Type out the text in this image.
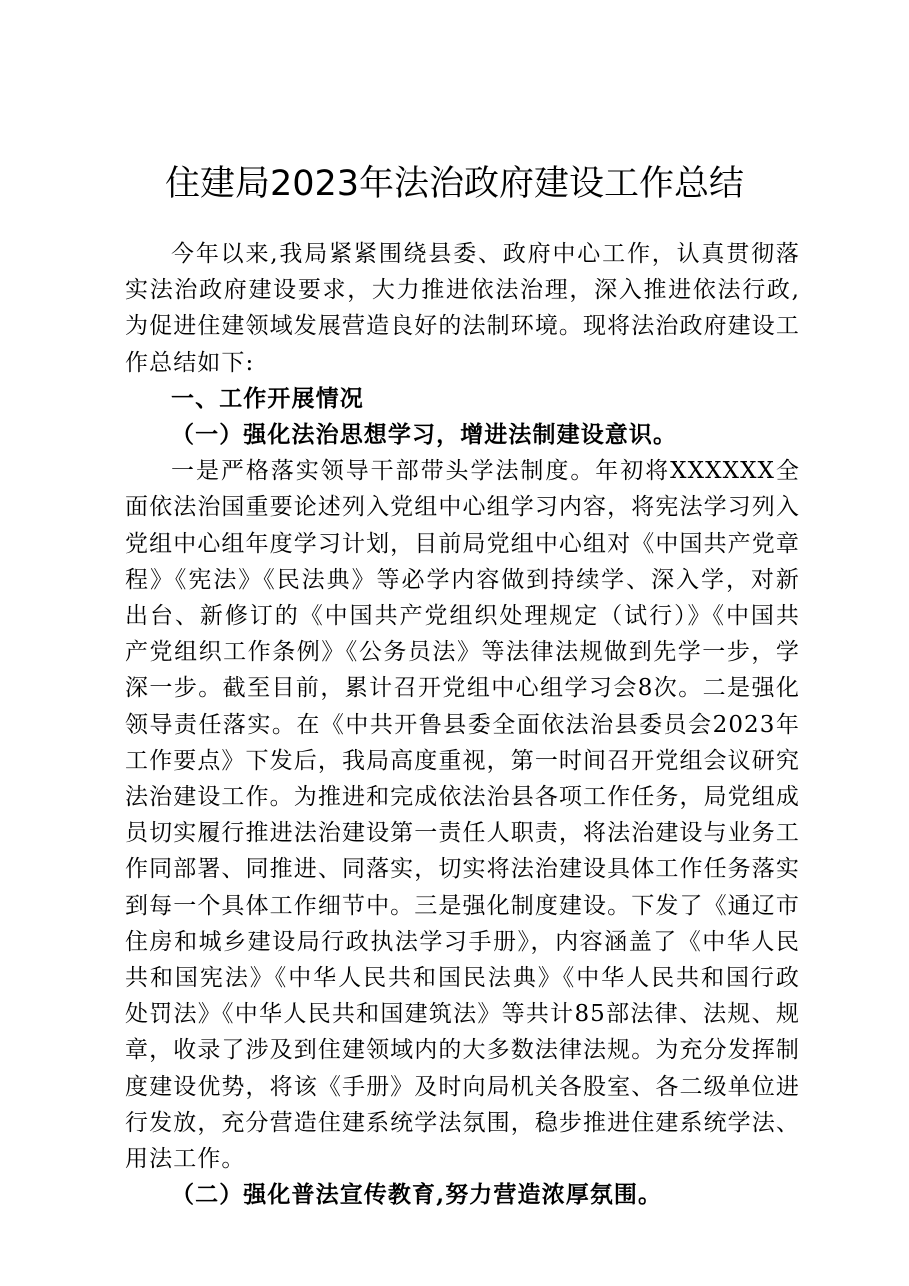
住建局2023年法治政府建设工作总结

今年以来,我局紧紧围绕县委、政府中心工作，认真贯彻落实法治政府建设要求，大力推进依法治理，深入推进依法行政,为促进住建领域发展营造良好的法制环境。现将法治政府建设工作总结如下:

一、工作开展情况

（一）强化法治思想学习，增进法制建设意识。

一是严格落实领导干部带头学法制度。年初将XXXXXX全面依法治国重要论述列入党组中心组学习内容，将宪法学习列入党组中心组年度学习计划，目前局党组中心组对《中国共产党章程》《宪法》《民法典》等必学内容做到持续学、深入学，对新出台、新修订的《中国共产党组织处理规定（试行）》《中国共产党组织工作条例》《公务员法》等法律法规做到先学一步，学深一步。截至目前，累计召开党组中心组学习会8次。二是强化领导责任落实。在《中共开鲁县委全面依法治县委员会2023年工作要点》下发后，我局高度重视，第一时间召开党组会议研究法治建设工作。为推进和完成依法治县各项工作任务，局党组成员切实履行推进法治建设第一责任人职责，将法治建设与业务工作同部署、同推进、同落实，切实将法治建设具体工作任务落实到每一个具体工作细节中。三是强化制度建设。下发了《通辽市住房和城乡建设局行政执法学习手册》，内容涵盖了《中华人民共和国宪法》《中华人民共和国民法典》《中华人民共和国行政处罚法》《中华人民共和国建筑法》等共计85部法律、法规、规章，收录了涉及到住建领域内的大多数法律法规。为充分发挥制度建设优势，将该《手册》及时向局机关各股室、各二级单位进行发放，充分营造住建系统学法氛围，稳步推进住建系统学法、用法工作。

（二）强化普法宣传教育,努力营造浓厚氛围。
